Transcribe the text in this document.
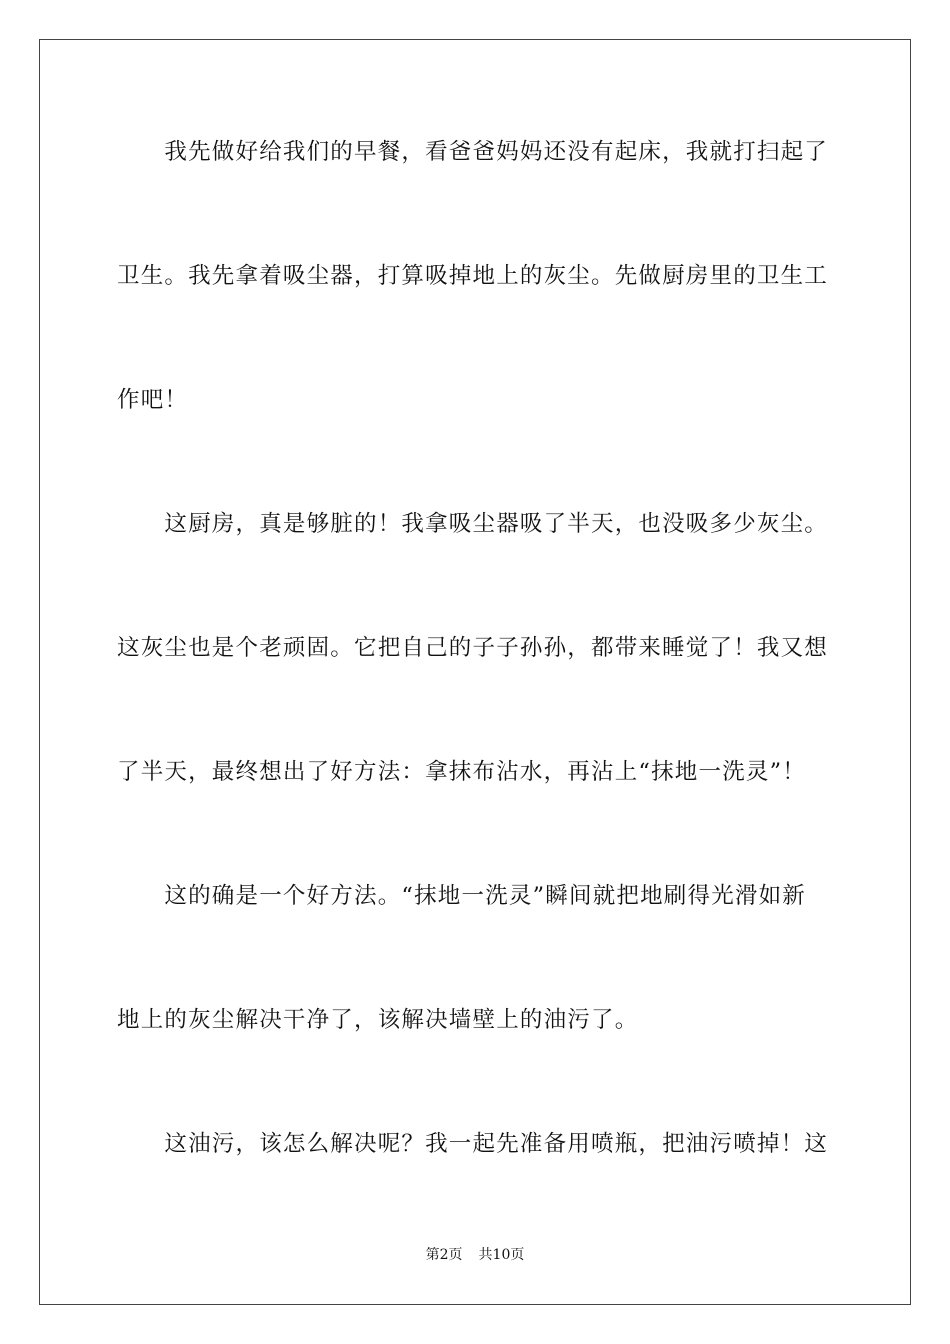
　　我先做好给我们的早餐，看爸爸妈妈还没有起床，我就打扫起了
卫生。我先拿着吸尘器，打算吸掉地上的灰尘。先做厨房里的卫生工
作吧！
　　这厨房，真是够脏的！我拿吸尘器吸了半天，也没吸多少灰尘。
这灰尘也是个老顽固。它把自己的子子孙孙，都带来睡觉了！我又想
了半天，最终想出了好方法：拿抹布沾水，再沾上“抹地一洗灵”！
　　这的确是一个好方法。“抹地一洗灵”瞬间就把地刷得光滑如新
地上的灰尘解决干净了，该解决墙壁上的油污了。
　　这油污，该怎么解决呢？我一起先准备用喷瓶，把油污喷掉！这
第2页 共10页
